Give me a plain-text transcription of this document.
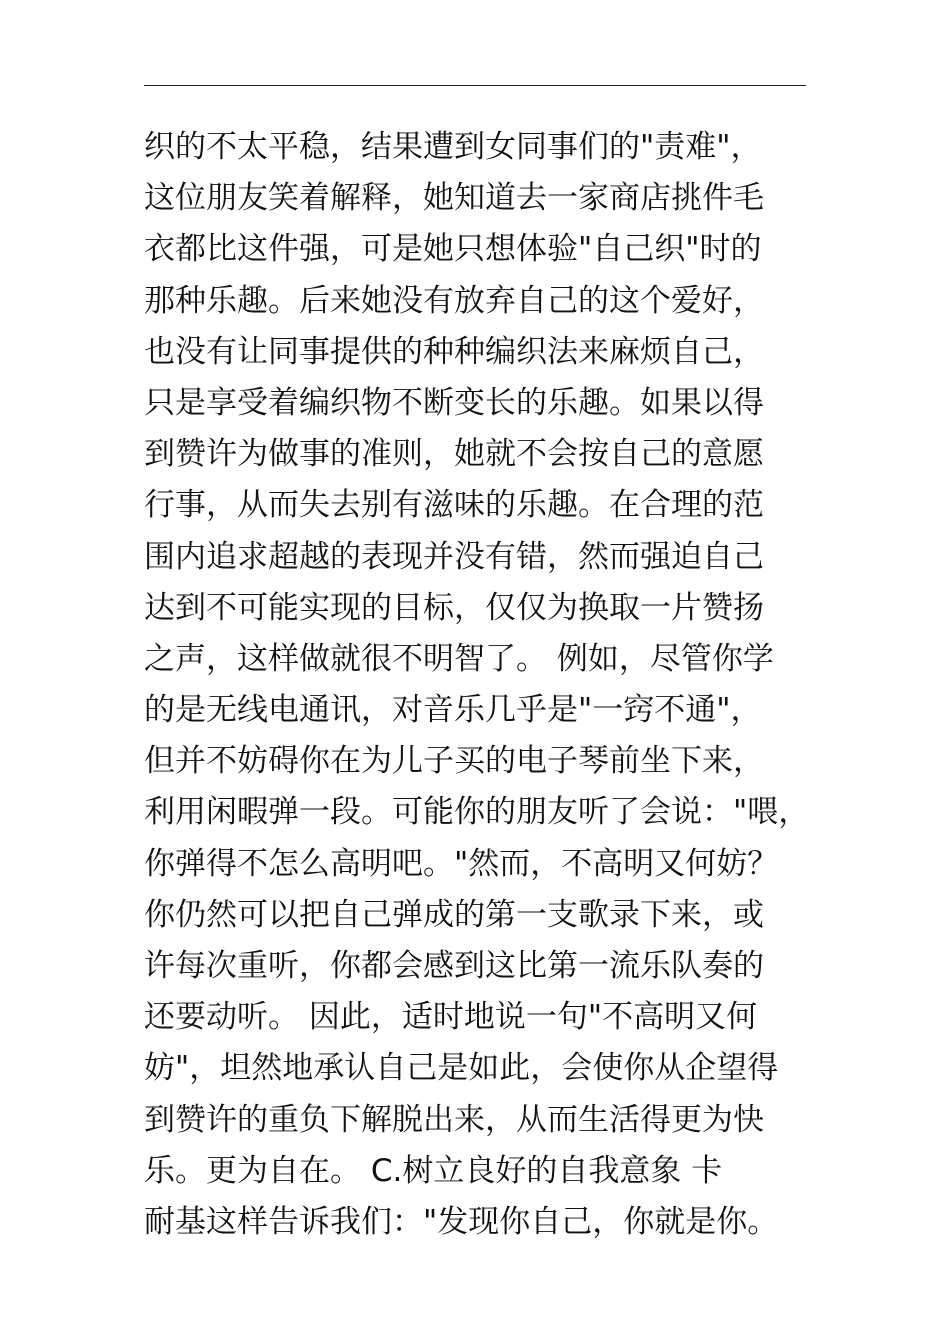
织的不太平稳，结果遭到女同事们的"责难"，
这位朋友笑着解释，她知道去一家商店挑件毛
衣都比这件强，可是她只想体验"自己织"时的
那种乐趣。后来她没有放弃自己的这个爱好，
也没有让同事提供的种种编织法来麻烦自己，
只是享受着编织物不断变长的乐趣。如果以得
到赞许为做事的准则，她就不会按自己的意愿
行事，从而失去别有滋味的乐趣。在合理的范
围内追求超越的表现并没有错，然而强迫自己
达到不可能实现的目标，仅仅为换取一片赞扬
之声，这样做就很不明智了。 例如，尽管你学
的是无线电通讯，对音乐几乎是"一窍不通"，
但并不妨碍你在为儿子买的电子琴前坐下来，
利用闲暇弹一段。可能你的朋友听了会说："喂，
你弹得不怎么高明吧。"然而，不高明又何妨？
你仍然可以把自己弹成的第一支歌录下来，或
许每次重听，你都会感到这比第一流乐队奏的
还要动听。 因此，适时地说一句"不高明又何
妨"，坦然地承认自己是如此，会使你从企望得
到赞许的重负下解脱出来，从而生活得更为快
乐。更为自在。 C.树立良好的自我意象 卡
耐基这样告诉我们："发现你自己，你就是你。
